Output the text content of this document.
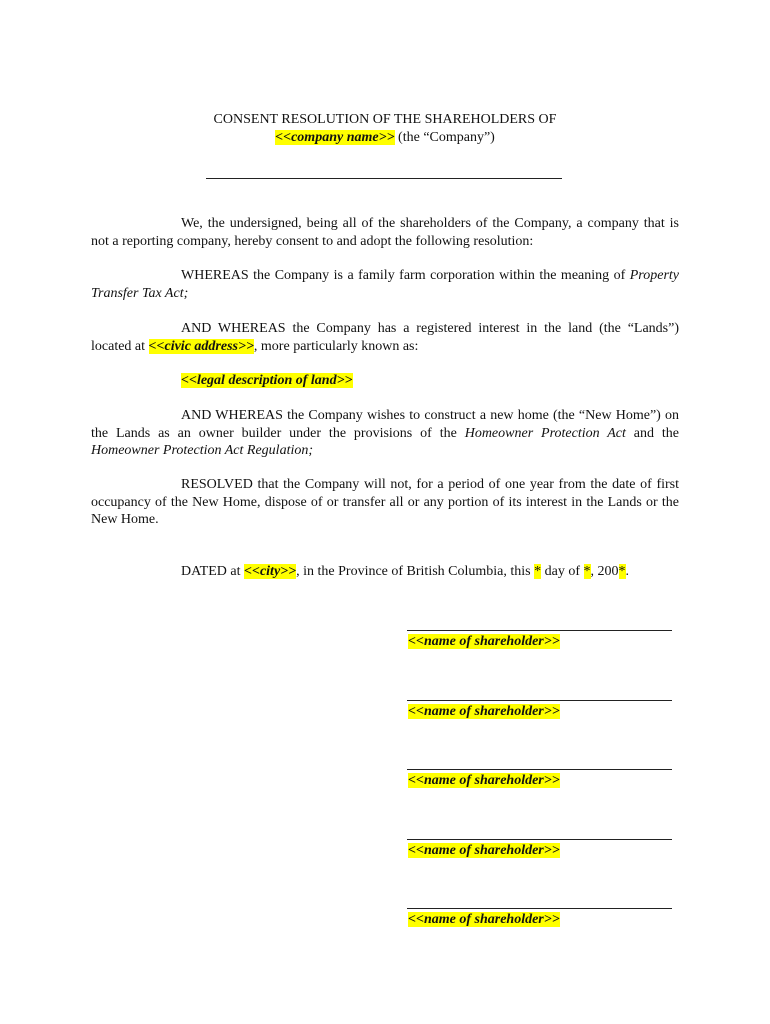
CONSENT RESOLUTION OF THE SHAREHOLDERS OF
<<company name>> (the “Company”)
We, the undersigned, being all of the shareholders of the Company, a company that is not a reporting company, hereby consent to and adopt the following resolution:
WHEREAS the Company is a family farm corporation within the meaning of Property Transfer Tax Act;
AND WHEREAS the Company has a registered interest in the land (the “Lands”) located at <<civic address>>, more particularly known as:
<<legal description of land>>
AND WHEREAS the Company wishes to construct a new home (the “New Home”) on the Lands as an owner builder under the provisions of the Homeowner Protection Act and the Homeowner Protection Act Regulation;
RESOLVED that the Company will not, for a period of one year from the date of first occupancy of the New Home, dispose of or transfer all or any portion of its interest in the Lands or the New Home.
DATED at <<city>>, in the Province of British Columbia, this * day of *, 200*.
<<name of shareholder>>
<<name of shareholder>>
<<name of shareholder>>
<<name of shareholder>>
<<name of shareholder>>
